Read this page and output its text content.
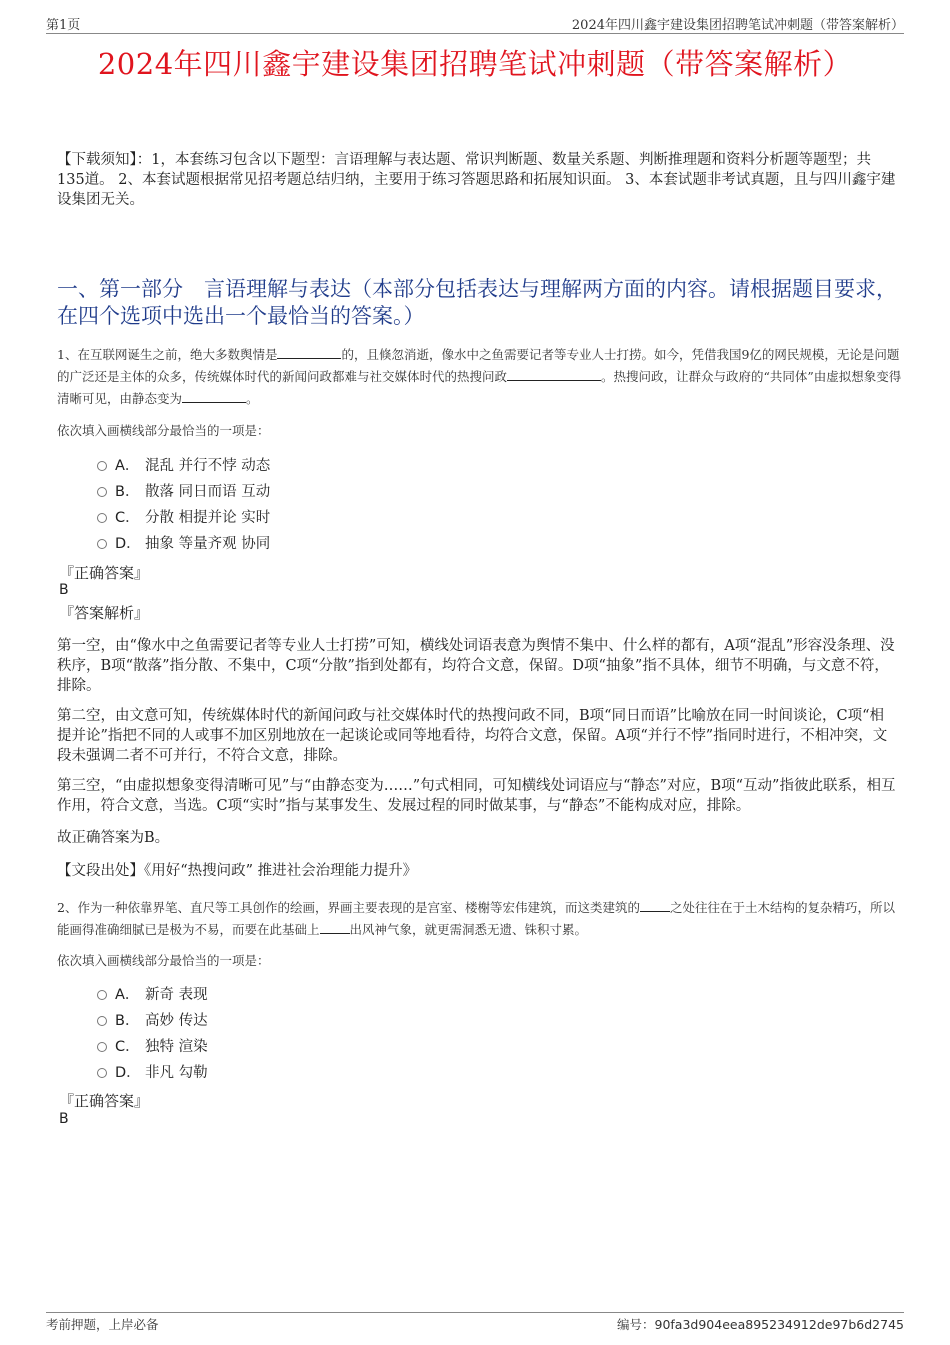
第1页	2024年四川鑫宇建设集团招聘笔试冲刺题（带答案解析）
2024年四川鑫宇建设集团招聘笔试冲刺题（带答案解析）
【下载须知】：1，本套练习包含以下题型：言语理解与表达题、常识判断题、数量关系题、判断推理题和资料分析题等题型；共135道。 2、本套试题根据常见招考题总结归纳，主要用于练习答题思路和拓展知识面。 3、本套试题非考试真题，且与四川鑫宇建设集团无关。
一、第一部分　言语理解与表达（本部分包括表达与理解两方面的内容。请根据题目要求，在四个选项中选出一个最恰当的答案。）
1、在互联网诞生之前，绝大多数舆情是	的，且倏忽消逝，像水中之鱼需要记者等专业人士打捞。如今，凭借我国9亿的网民规模，无论是问题的广泛还是主体的众多，传统媒体时代的新闻问政都难与社交媒体时代的热搜问政	。热搜问政，让群众与政府的“共同体”由虚拟想象变得清晰可见，由静态变为	。
依次填入画横线部分最恰当的一项是：
A． 混乱 并行不悖 动态
B． 散落 同日而语 互动
C． 分散 相提并论 实时
D． 抽象 等量齐观 协同
『正确答案』
B
『答案解析』
第一空，由“像水中之鱼需要记者等专业人士打捞”可知，横线处词语表意为舆情不集中、什么样的都有，A项“混乱”形容没条理、没秩序，B项“散落”指分散、不集中，C项“分散”指到处都有，均符合文意，保留。D项“抽象”指不具体，细节不明确，与文意不符，排除。
第二空，由文意可知，传统媒体时代的新闻问政与社交媒体时代的热搜问政不同，B项“同日而语”比喻放在同一时间谈论，C项“相提并论”指把不同的人或事不加区别地放在一起谈论或同等地看待，均符合文意，保留。A项“并行不悖”指同时进行，不相冲突，文段未强调二者不可并行，不符合文意，排除。
第三空，“由虚拟想象变得清晰可见”与“由静态变为……”句式相同，可知横线处词语应与“静态”对应，B项“互动”指彼此联系，相互作用，符合文意，当选。C项“实时”指与某事发生、发展过程的同时做某事，与“静态”不能构成对应，排除。
故正确答案为B。
【文段出处】《用好“热搜问政” 推进社会治理能力提升》
2、作为一种依靠界笔、直尺等工具创作的绘画，界画主要表现的是宫室、楼榭等宏伟建筑，而这类建筑的 之处往往在于土木结构的复杂精巧，所以能画得准确细腻已是极为不易，而要在此基础上 出风神气象，就更需洞悉无遗、铢积寸累。
依次填入画横线部分最恰当的一项是：
A． 新奇 表现
B． 高妙 传达
C． 独特 渲染
D． 非凡 勾勒
『正确答案』
B
考前押题，上岸必备	编号：90fa3d904eea895234912de97b6d2745
